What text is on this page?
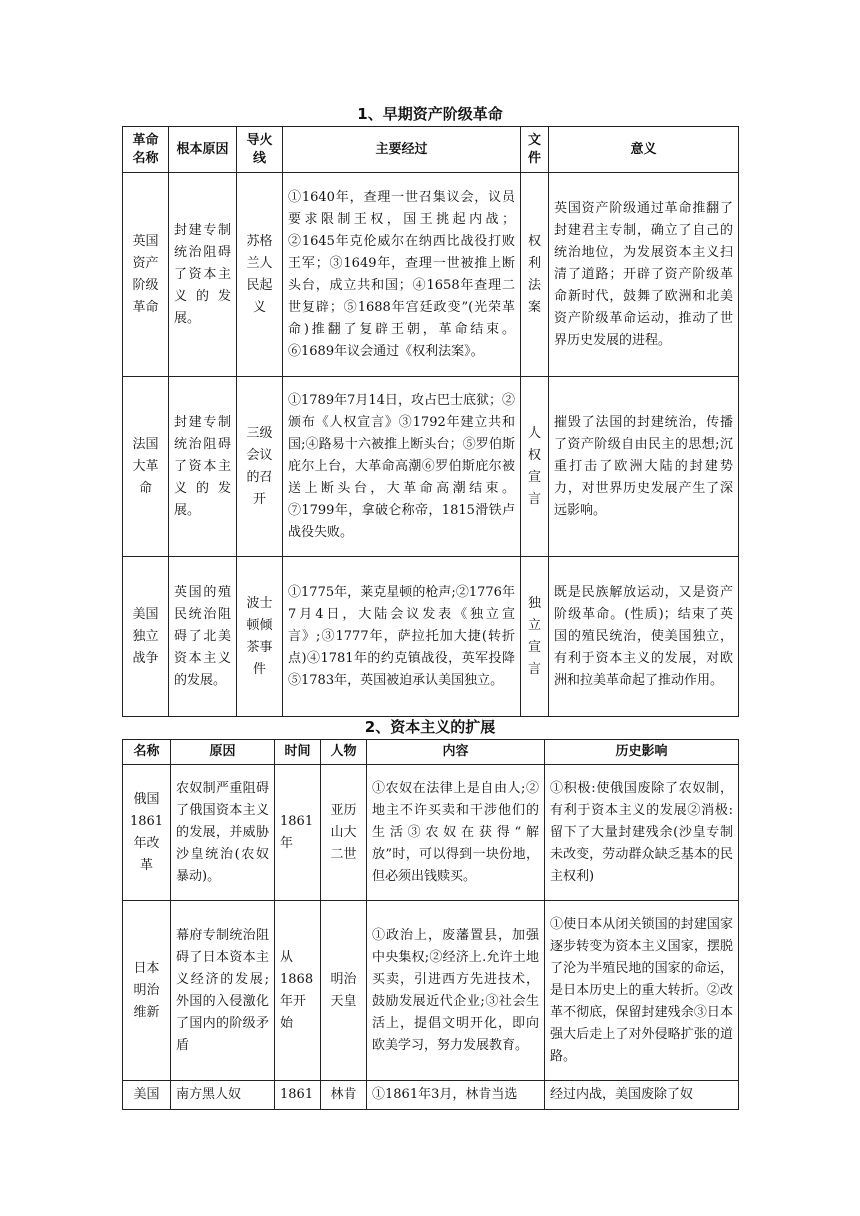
1、早期资产阶级革命
革命名称	根本原因	导火线	主要经过	文件	意义
英国资产阶级革命	封建专制统治阻碍了资本主义的发展。	苏格兰人民起义	①1640年，查理一世召集议会，议员要求限制王权，国王挑起内战；②1645年克伦威尔在纳西比战役打败王军；③1649年，查理一世被推上断头台，成立共和国；④1658年查理二世复辟；⑤1688年宫廷政变”(光荣革命)推翻了复辟王朝，革命结束。⑥1689年议会通过《权利法案》。	权利法案	英国资产阶级通过革命推翻了封建君主专制，确立了自己的统治地位，为发展资本主义扫清了道路；开辟了资产阶级革命新时代，鼓舞了欧洲和北美资产阶级革命运动，推动了世界历史发展的进程。
法国大革命	封建专制统治阻碍了资本主义的发展。	三级会议的召开	①1789年7月14日，攻占巴士底狱；②颁布《人权宣言》③1792年建立共和国;④路易十六被推上断头台；⑤罗伯斯庇尔上台，大革命高潮⑥罗伯斯庇尔被送上断头台，大革命高潮结束。⑦1799年，拿破仑称帝，1815滑铁卢战役失败。	人权宣言	摧毁了法国的封建统治，传播了资产阶级自由民主的思想;沉重打击了欧洲大陆的封建势力，对世界历史发展产生了深远影响。
美国独立战争	英国的殖民统治阻碍了北美资本主义的发展。	波士顿倾茶事件	①1775年，莱克星顿的枪声;②1776年7月4日，大陆会议发表《独立宣言》;③1777年，萨拉托加大捷(转折点)④1781年的约克镇战役，英军投降⑤1783年，英国被迫承认美国独立。	独立宣言	既是民族解放运动，又是资产阶级革命。(性质)；结束了英国的殖民统治，使美国独立，有利于资本主义的发展，对欧洲和拉美革命起了推动作用。
2、资本主义的扩展
名称	原因	时间	人物	内容	历史影响
俄国1861年改革	农奴制严重阻碍了俄国资本主义的发展，并威胁沙皇统治(农奴暴动)。	1861年	亚历山大二世	①农奴在法律上是自由人;②地主不许买卖和干涉他们的生活③农奴在获得“解放”时，可以得到一块份地，但必须出钱赎买。	①积极:使俄国废除了农奴制，有利于资本主义的发展②消极:留下了大量封建残余(沙皇专制未改变，劳动群众缺乏基本的民主权利)
日本明治维新	幕府专制统治阻碍了日本资本主义经济的发展;外国的入侵激化了国内的阶级矛盾	从1868年开始	明治天皇	①政治上，废藩置县，加强中央集权;②经济上.允许土地买卖，引进西方先进技术，鼓励发展近代企业;③社会生活上，提倡文明开化，即向欧美学习，努力发展教育。	①使日本从闭关锁国的封建国家逐步转变为资本主义国家，摆脱了沦为半殖民地的国家的命运，是日本历史上的重大转折。②改革不彻底，保留封建残余③日本强大后走上了对外侵略扩张的道路。
美国	南方黑人奴	1861	林肯	①1861年3月，林肯当选	经过内战，美国废除了奴
